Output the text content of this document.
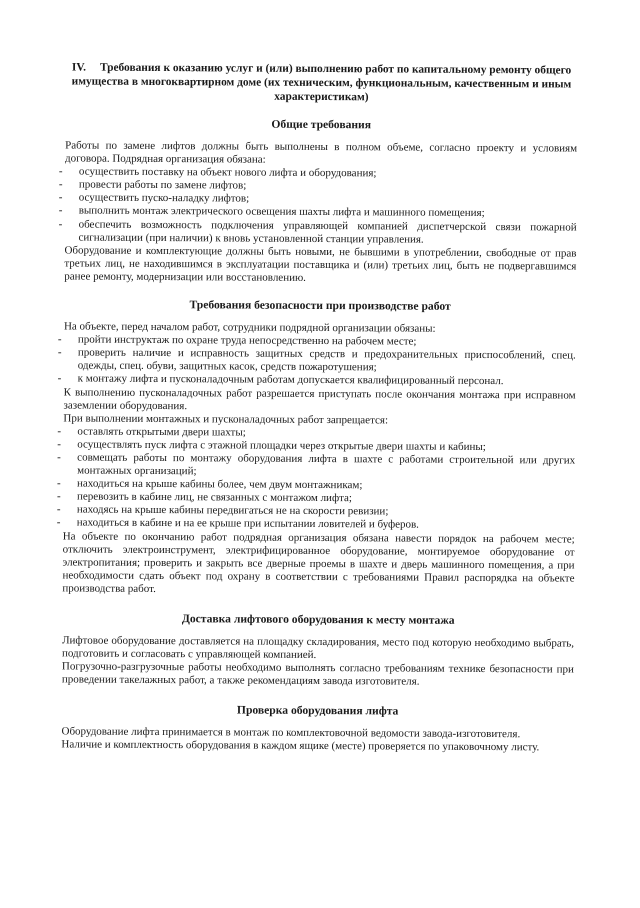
IV. Требования к оказанию услуг и (или) выполнению работ по капитальному ремонту общего имущества в многоквартирном доме (их техническим, функциональным, качественным и иным характеристикам)
Общие требования

Работы по замене лифтов должны быть выполнены в полном объеме, согласно проекту и условиям договора. Подрядная организация обязана:

- осуществить поставку на объект нового лифта и оборудования;
- провести работы по замене лифтов;
- осуществить пуско-наладку лифтов;
- выполнить монтаж электрического освещения шахты лифта и машинного помещения;
- обеспечить возможность подключения управляющей компанией диспетчерской связи пожарной сигнализации (при наличии) к вновь установленной станции управления.

Оборудование и комплектующие должны быть новыми, не бывшими в употреблении, свободные от прав третьих лиц, не находившимся в эксплуатации поставщика и (или) третьих лиц, быть не подвергавшимся ранее ремонту, модернизации или восстановлению.

Требования безопасности при производстве работ

На объекте, перед началом работ, сотрудники подрядной организации обязаны:

- пройти инструктаж по охране труда непосредственно на рабочем месте;
- проверить наличие и исправность защитных средств и предохранительных приспособлений, спец. одежды, спец. обуви, защитных касок, средств пожаротушения;
- к монтажу лифта и пусконаладочным работам допускается квалифицированный персонал.

К выполнению пусконаладочных работ разрешается приступать после окончания монтажа при исправном заземлении оборудования.

При выполнении монтажных и пусконаладочных работ запрещается:

- оставлять открытыми двери шахты;
- осуществлять пуск лифта с этажной площадки через открытые двери шахты и кабины;
- совмещать работы по монтажу оборудования лифта в шахте с работами строительной или других монтажных организаций;
- находиться на крыше кабины более, чем двум монтажникам;
- перевозить в кабине лиц, не связанных с монтажом лифта;
- находясь на крыше кабины передвигаться не на скорости ревизии;
- находиться в кабине и на ее крыше при испытании ловителей и буферов.

На объекте по окончанию работ подрядная организация обязана навести порядок на рабочем месте; отключить электроинструмент, электрифицированное оборудование, монтируемое оборудование от электропитания; проверить и закрыть все дверные проемы в шахте и дверь машинного помещения, а при необходимости сдать объект под охрану в соответствии с требованиями Правил распорядка на объекте производства работ.

Доставка лифтового оборудования к месту монтажа

Лифтовое оборудование доставляется на площадку складирования, место под которую необходимо выбрать, подготовить и согласовать с управляющей компанией.

Погрузочно-разгрузочные работы необходимо выполнять согласно требованиям технике безопасности при проведении такелажных работ, а также рекомендациям завода изготовителя.

Проверка оборудования лифта

Оборудование лифта принимается в монтаж по комплектовочной ведомости завода-изготовителя.

Наличие и комплектность оборудования в каждом ящике (месте) проверяется по упаковочному листу.
